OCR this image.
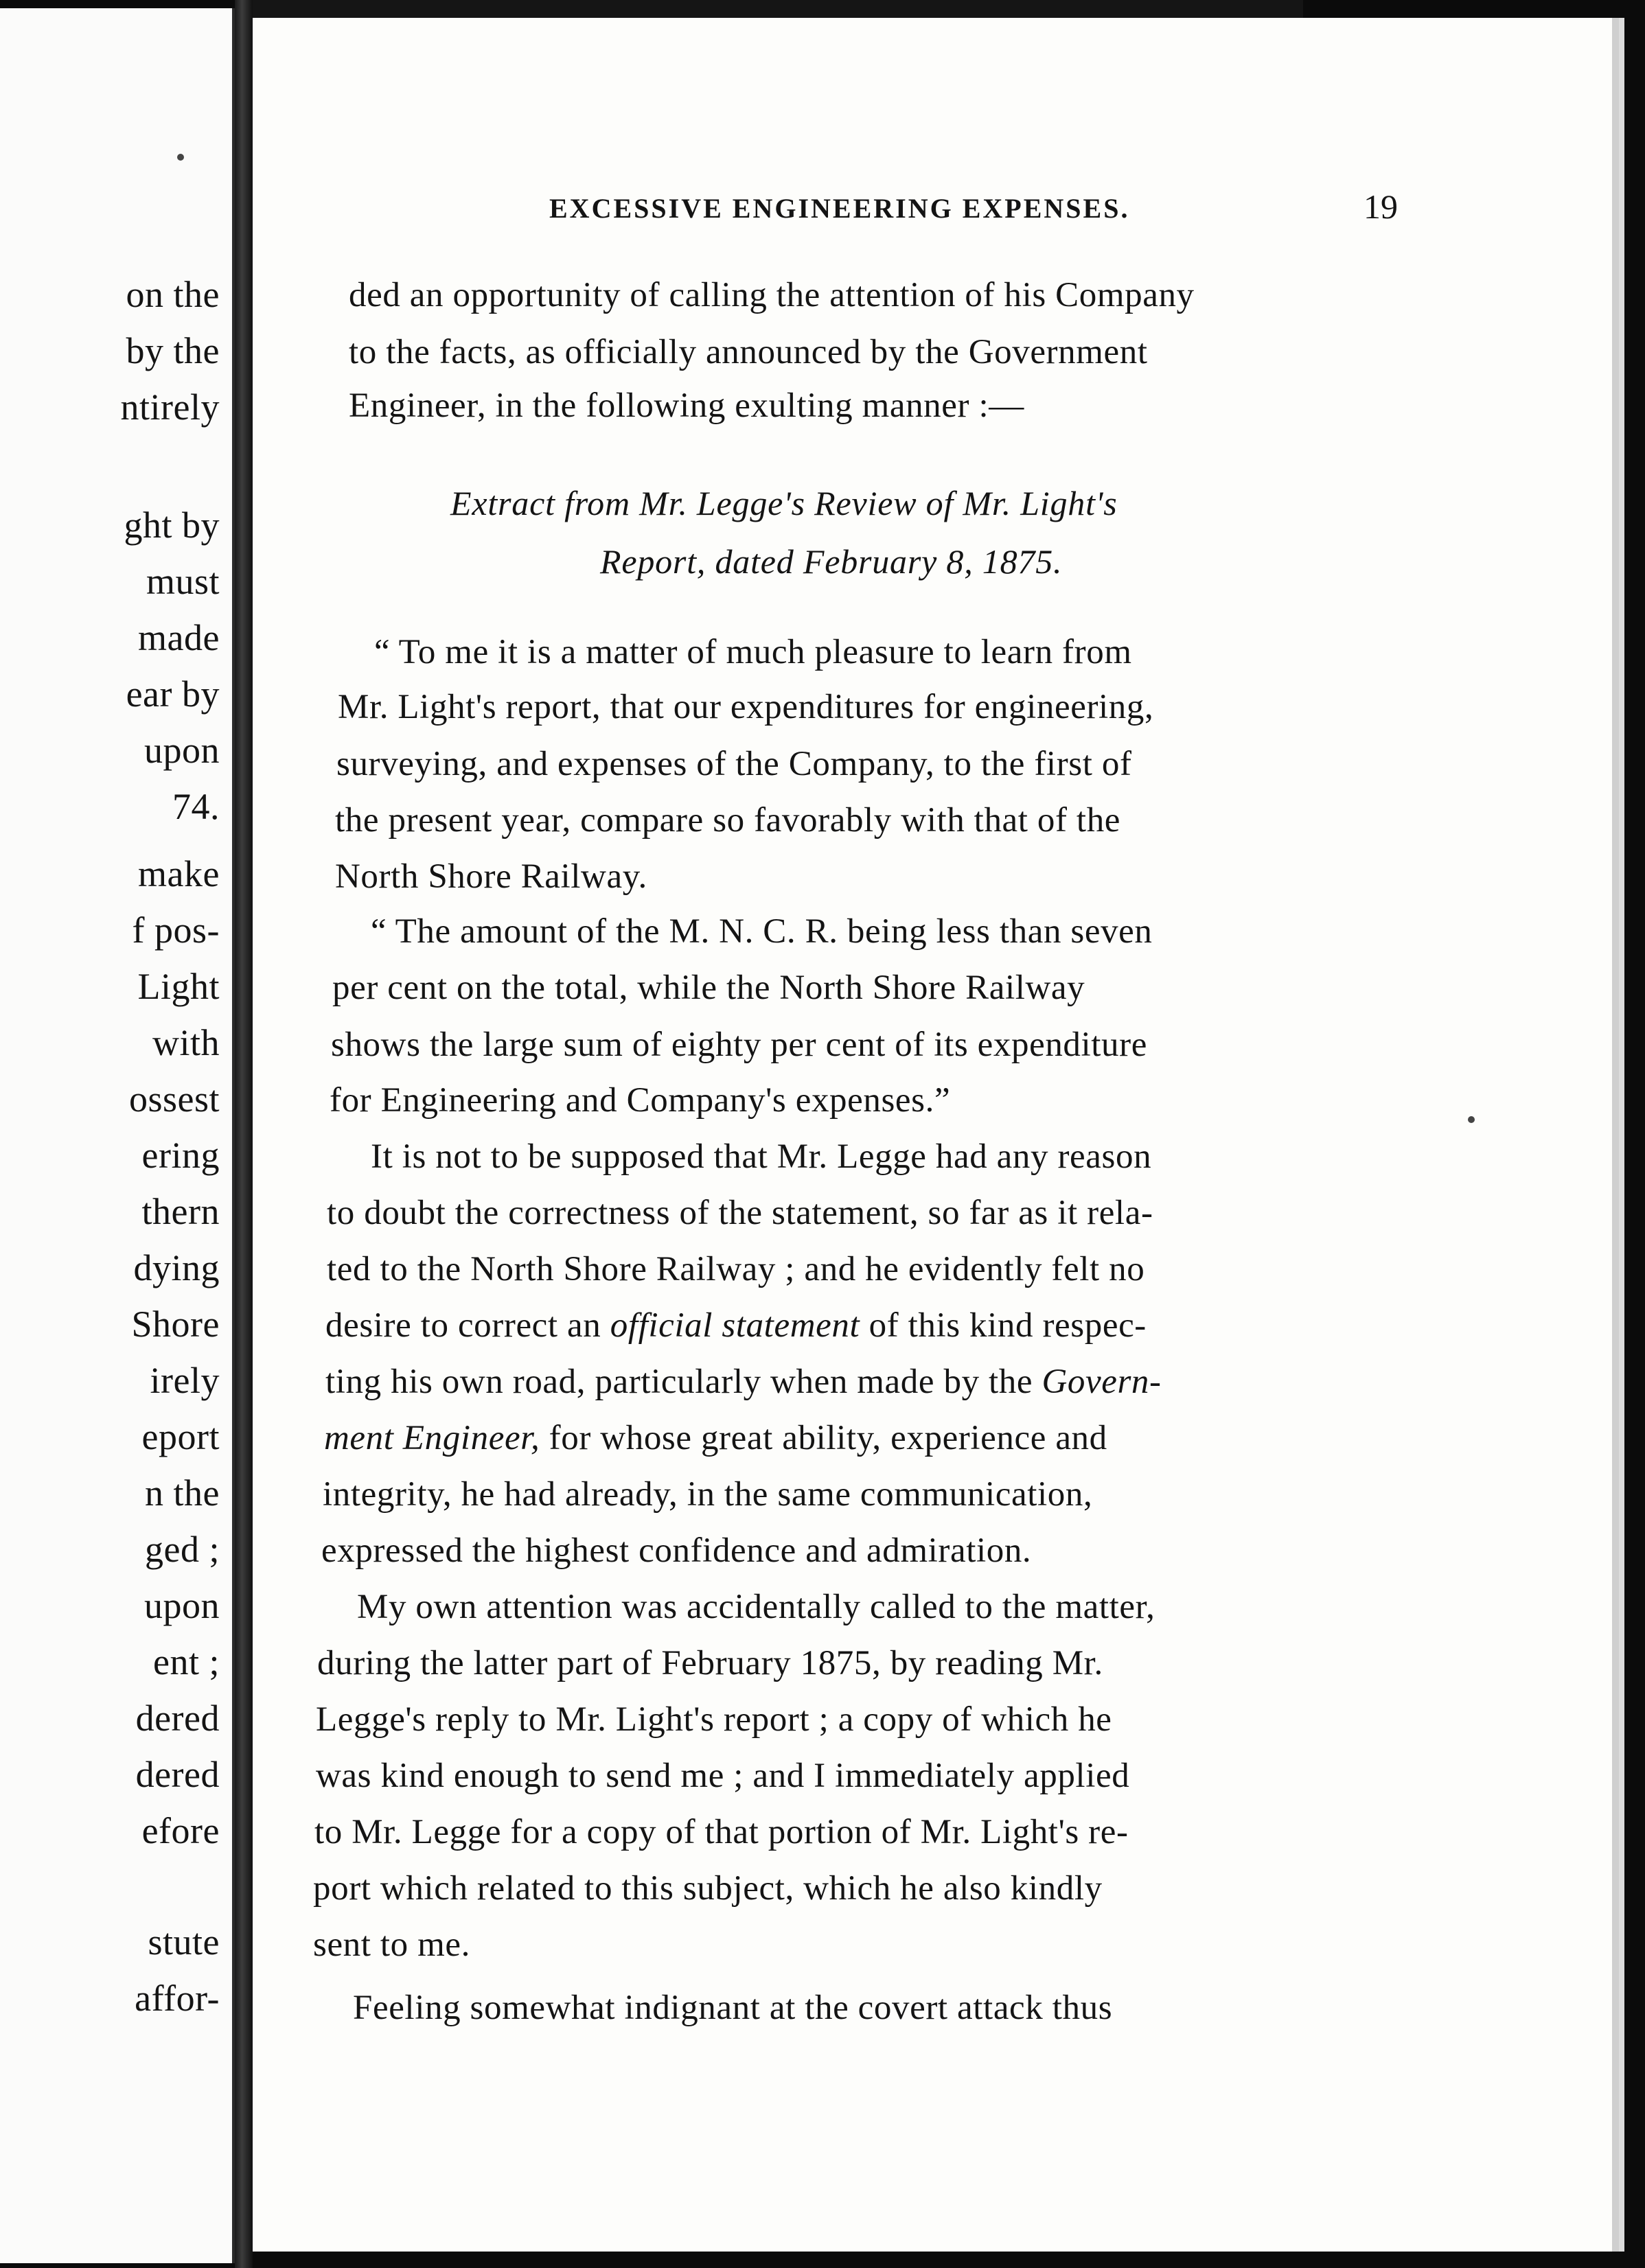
on the
by the
ntirely
ght by
must
made
ear by
upon
74.
make
f pos-
Light
with
ossest
ering
thern
dying
Shore
irely
eport
n the
ged ;
upon
ent ;
dered
dered
efore
stute
affor-
EXCESSIVE ENGINEERING EXPENSES.	19
ded an opportunity of calling the attention of his Company
to the facts, as officially announced by the Government
Engineer, in the following exulting manner :—
Extract from Mr. Legge's Review of Mr. Light's
Report, dated February 8, 1875.
“ To me it is a matter of much pleasure to learn from
Mr. Light's report, that our expenditures for engineering,
surveying, and expenses of the Company, to the first of
the present year, compare so favorably with that of the
North Shore Railway.
“ The amount of the M. N. C. R. being less than seven
per cent on the total, while the North Shore Railway
shows the large sum of eighty per cent of its expenditure
for Engineering and Company's expenses.”
It is not to be supposed that Mr. Legge had any reason
to doubt the correctness of the statement, so far as it rela-
ted to the North Shore Railway ; and he evidently felt no
desire to correct an official statement of this kind respec-
ting his own road, particularly when made by the Govern-
ment Engineer, for whose great ability, experience and
integrity, he had already, in the same communication,
expressed the highest confidence and admiration.
My own attention was accidentally called to the matter,
during the latter part of February 1875, by reading Mr.
Legge's reply to Mr. Light's report ; a copy of which he
was kind enough to send me ; and I immediately applied
to Mr. Legge for a copy of that portion of Mr. Light's re-
port which related to this subject, which he also kindly
sent to me.
Feeling somewhat indignant at the covert attack thus
